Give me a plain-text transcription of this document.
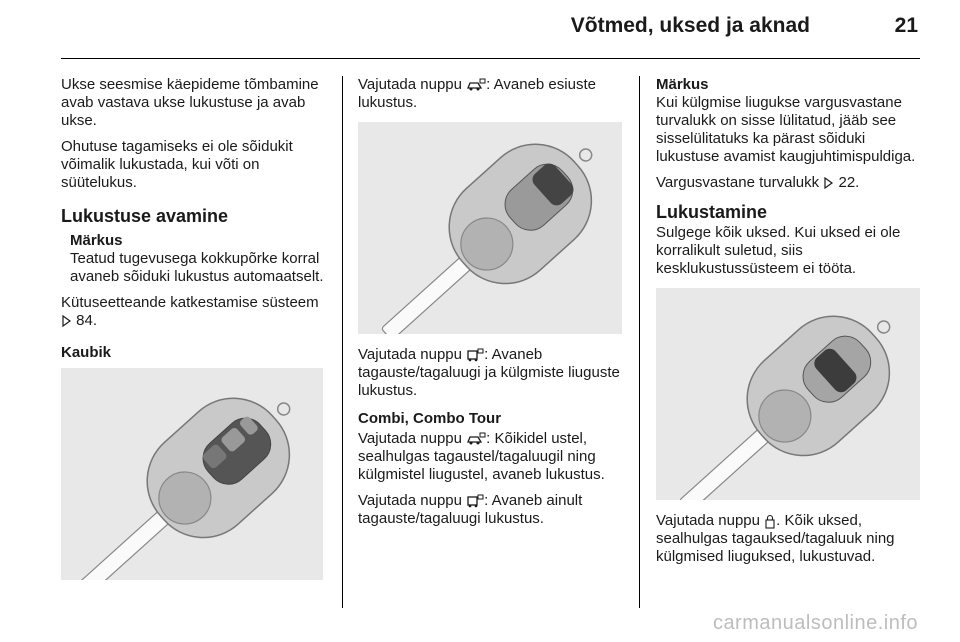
Võtmed, uksed ja aknad	21

Ukse seesmise käepideme tõmbamine avab vastava ukse lukustuse ja avab ukse.

Ohutuse tagamiseks ei ole sõidukit võimalik lukustada, kui võti on süütelukus.

Lukustuse avamine
Märkus
Teatud tugevusega kokkupõrke korral avaneb sõiduki lukustus automaatselt.

Kütuseetteande katkestamise süsteem  84.

Kaubik

Vajutada nuppu : Avaneb esiuste lukustus.

Vajutada nuppu : Avaneb tagauste/tagaluugi ja külgmiste liuguste lukustus.

Combi, Combo Tour

Vajutada nuppu : Kõikidel ustel, sealhulgas tagaustel/tagaluugil ning külgmistel liugustel, avaneb lukustus.

Vajutada nuppu : Avaneb ainult tagauste/tagaluugi lukustus.

Märkus
Kui külgmise liugukse vargusvastane turvalukk on sisse lülitatud, jääb see sisselülitatuks ka pärast sõiduki lukustuse avamist kaugjuhtimispuldiga.

Vargusvastane turvalukk 22.

Lukustamine

Sulgege kõik uksed. Kui uksed ei ole korralikult suletud, siis kesklukustussüsteem ei tööta.

Vajutada nuppu . Kõik uksed, sealhulgas tagauksed/tagaluuk ning külgmised liuguksed, lukustuvad.

carmanualsonline.info
